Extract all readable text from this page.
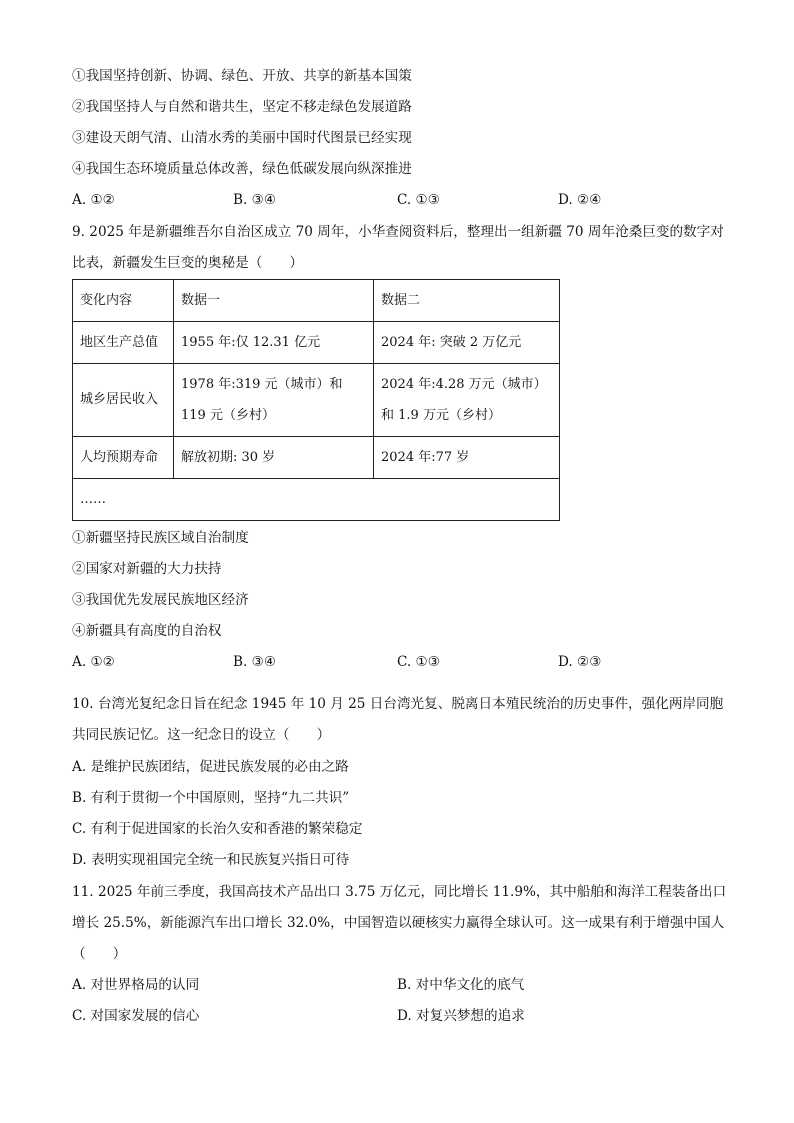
①我国坚持创新、协调、绿色、开放、共享的新基本国策
②我国坚持人与自然和谐共生，坚定不移走绿色发展道路
③建设天朗气清、山清水秀的美丽中国时代图景已经实现
④我国生态环境质量总体改善，绿色低碳发展向纵深推进
A. ①②	B. ③④	C. ①③	D. ②④
9. 2025 年是新疆维吾尔自治区成立 70 周年，小华查阅资料后，整理出一组新疆 70 周年沧桑巨变的数字对
比表，新疆发生巨变的奥秘是（　　）
变化内容	数据一	数据二
地区生产总值	1955 年:仅 12.31 亿元	2024 年: 突破 2 万亿元
城乡居民收入	1978 年:319 元（城市）和 119 元（乡村）	2024 年:4.28 万元（城市）和 1.9 万元（乡村）
人均预期寿命	解放初期: 30 岁	2024 年:77 岁
……		
①新疆坚持民族区域自治制度
②国家对新疆的大力扶持
③我国优先发展民族地区经济
④新疆具有高度的自治权
A. ①②	B. ③④	C. ①③	D. ②③
10. 台湾光复纪念日旨在纪念 1945 年 10 月 25 日台湾光复、脱离日本殖民统治的历史事件，强化两岸同胞
共同民族记忆。这一纪念日的设立（　　）
A. 是维护民族团结，促进民族发展的必由之路
B. 有利于贯彻一个中国原则，坚持“九二共识”
C. 有利于促进国家的长治久安和香港的繁荣稳定
D. 表明实现祖国完全统一和民族复兴指日可待
11. 2025 年前三季度，我国高技术产品出口 3.75 万亿元，同比增长 11.9%，其中船舶和海洋工程装备出口
增长 25.5%，新能源汽车出口增长 32.0%，中国智造以硬核实力赢得全球认可。这一成果有利于增强中国人
（　　）
A. 对世界格局的认同	B. 对中华文化的底气
C. 对国家发展的信心	D. 对复兴梦想的追求
